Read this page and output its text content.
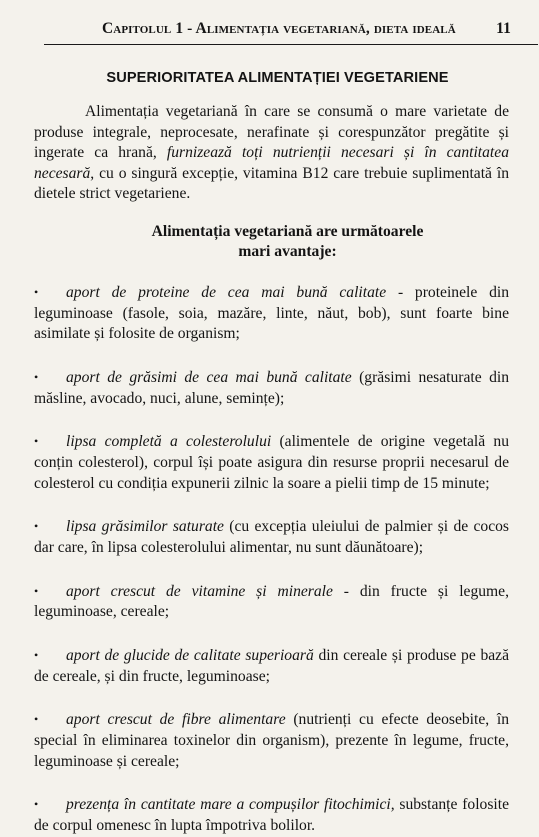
Capitolul 1 - Alimentația vegetariană, dieta ideală	11
SUPERIORITATEA ALIMENTAȚIEI VEGETARIENE

Alimentația vegetariană în care se consumă o mare varietate de produse integrale, neprocesate, nerafinate și corespunzător pregătite și ingerate ca hrană, furnizează toți nutrienții necesari și în cantitatea necesară, cu o singură excepție, vitamina B12 care trebuie suplimentată în dietele strict vegetariene.

Alimentația vegetariană are următoarele
mari avantaje:
• aport de proteine de cea mai bună calitate - proteinele din leguminoase (fasole, soia, mazăre, linte, năut, bob), sunt foarte bine asimilate și folosite de organism;
• aport de grăsimi de cea mai bună calitate (grăsimi nesaturate din măsline, avocado, nuci, alune, semințe);
• lipsa completă a colesterolului (alimentele de origine vegetală nu conțin colesterol), corpul își poate asigura din resurse proprii necesarul de colesterol cu condiția expunerii zilnic la soare a pielii timp de 15 minute;
• lipsa grăsimilor saturate (cu excepția uleiului de palmier și de cocos dar care, în lipsa colesterolului alimentar, nu sunt dăunătoare);
• aport crescut de vitamine și minerale - din fructe și legume, leguminoase, cereale;
• aport de glucide de calitate superioară din cereale și produse pe bază de cereale, și din fructe, leguminoase;
• aport crescut de fibre alimentare (nutrienți cu efecte deosebite, în special în eliminarea toxinelor din organism), prezente în legume, fructe, leguminoase și cereale;
• prezența în cantitate mare a compușilor fitochimici, substanțe folosite de corpul omenesc în lupta împotriva bolilor.
